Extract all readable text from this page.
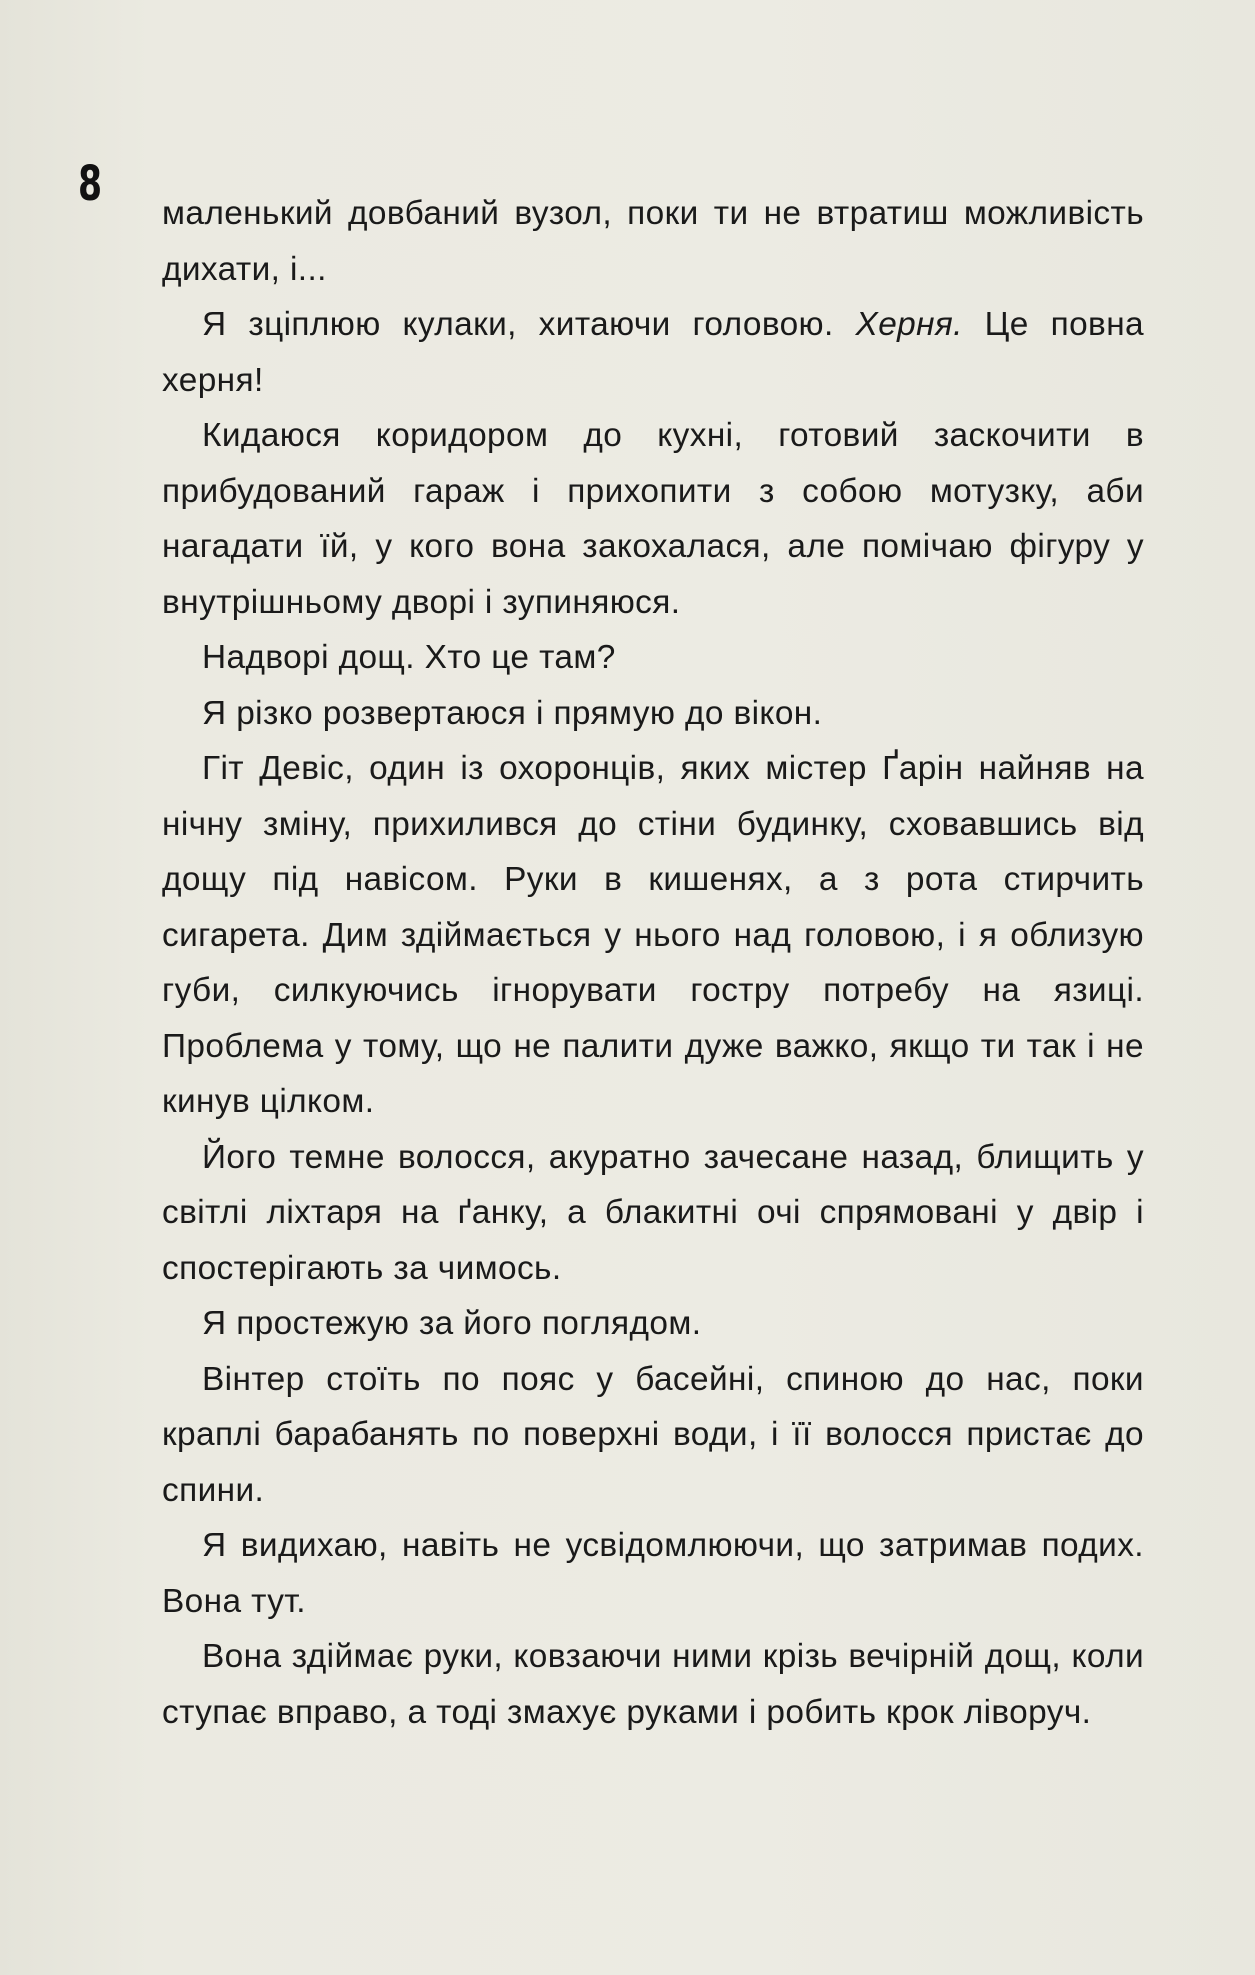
8

маленький довбаний вузол, поки ти не втратиш можливість дихати, і...

Я зціплюю кулаки, хитаючи головою. Херня. Це повна херня!

Кидаюся коридором до кухні, готовий заскочити в прибудований гараж і прихопити з собою мотузку, аби нагадати їй, у кого вона закохалася, але помічаю фігуру у внутрішньому дворі і зупиняюся.

Надворі дощ. Хто це там?

Я різко розвертаюся і прямую до вікон.

Гіт Девіс, один із охоронців, яких містер Ґарін найняв на нічну зміну, прихилився до стіни будинку, сховавшись від дощу під навісом. Руки в кишенях, а з рота стирчить сигарета. Дим здіймається у нього над головою, і я облизую губи, силкуючись ігнорувати гостру потребу на язиці. Проблема у тому, що не палити дуже важко, якщо ти так і не кинув цілком.

Його темне волосся, акуратно зачесане назад, блищить у світлі ліхтаря на ґанку, а блакитні очі спрямовані у двір і спостерігають за чимось.

Я простежую за його поглядом.

Вінтер стоїть по пояс у басейні, спиною до нас, поки краплі барабанять по поверхні води, і її волосся пристає до спини.

Я видихаю, навіть не усвідомлюючи, що затримав подих. Вона тут.

Вона здіймає руки, ковзаючи ними крізь вечірній дощ, коли ступає вправо, а тоді змахує руками і робить крок ліворуч.
